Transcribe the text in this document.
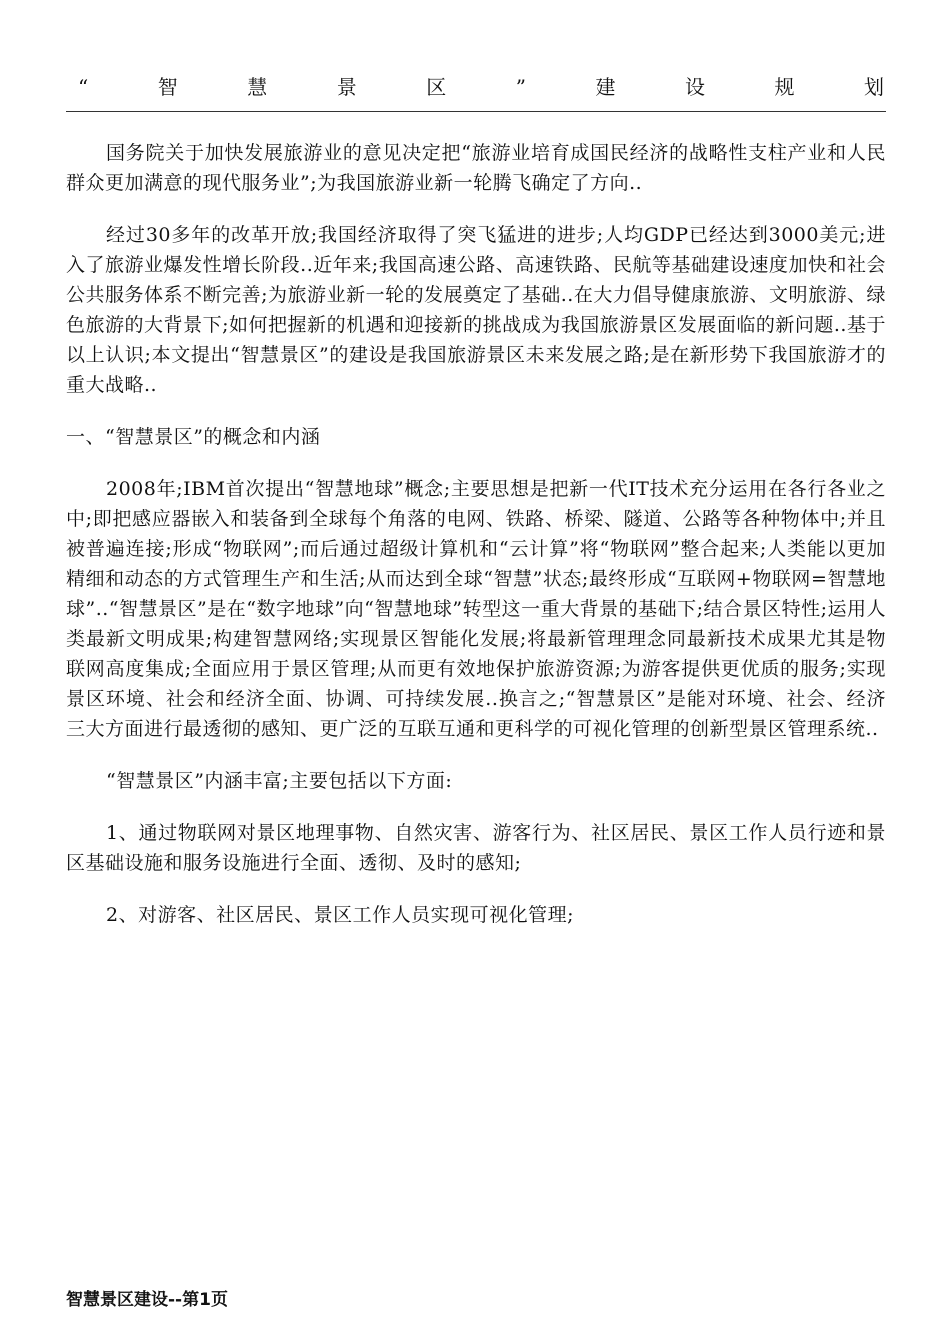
“	智	慧	景	区	”	建	设	规	划

国务院关于加快发展旅游业的意见决定把“旅游业培育成国民经济的战略性支柱产业和人民群众更加满意的现代服务业”;为我国旅游业新一轮腾飞确定了方向..

经过30多年的改革开放;我国经济取得了突飞猛进的进步;人均GDP已经达到3000美元;进入了旅游业爆发性增长阶段..近年来;我国高速公路、高速铁路、民航等基础建设速度加快和社会公共服务体系不断完善;为旅游业新一轮的发展奠定了基础..在大力倡导健康旅游、文明旅游、绿色旅游的大背景下;如何把握新的机遇和迎接新的挑战成为我国旅游景区发展面临的新问题..基于以上认识;本文提出“智慧景区”的建设是我国旅游景区未来发展之路;是在新形势下我国旅游才的重大战略..

一、“智慧景区”的概念和内涵

2008年;IBM首次提出“智慧地球”概念;主要思想是把新一代IT技术充分运用在各行各业之中;即把感应器嵌入和装备到全球每个角落的电网、铁路、桥梁、隧道、公路等各种物体中;并且被普遍连接;形成“物联网”;而后通过超级计算机和“云计算”将“物联网”整合起来;人类能以更加精细和动态的方式管理生产和生活;从而达到全球“智慧”状态;最终形成“互联网+物联网=智慧地球”..“智慧景区”是在“数字地球”向“智慧地球”转型这一重大背景的基础下;结合景区特性;运用人类最新文明成果;构建智慧网络;实现景区智能化发展;将最新管理理念同最新技术成果尤其是物联网高度集成;全面应用于景区管理;从而更有效地保护旅游资源;为游客提供更优质的服务;实现景区环境、社会和经济全面、协调、可持续发展..换言之;“智慧景区”是能对环境、社会、经济三大方面进行最透彻的感知、更广泛的互联互通和更科学的可视化管理的创新型景区管理系统..

“智慧景区”内涵丰富;主要包括以下方面:

1、通过物联网对景区地理事物、自然灾害、游客行为、社区居民、景区工作人员行迹和景区基础设施和服务设施进行全面、透彻、及时的感知;

2、对游客、社区居民、景区工作人员实现可视化管理;

智慧景区建设--第1页
